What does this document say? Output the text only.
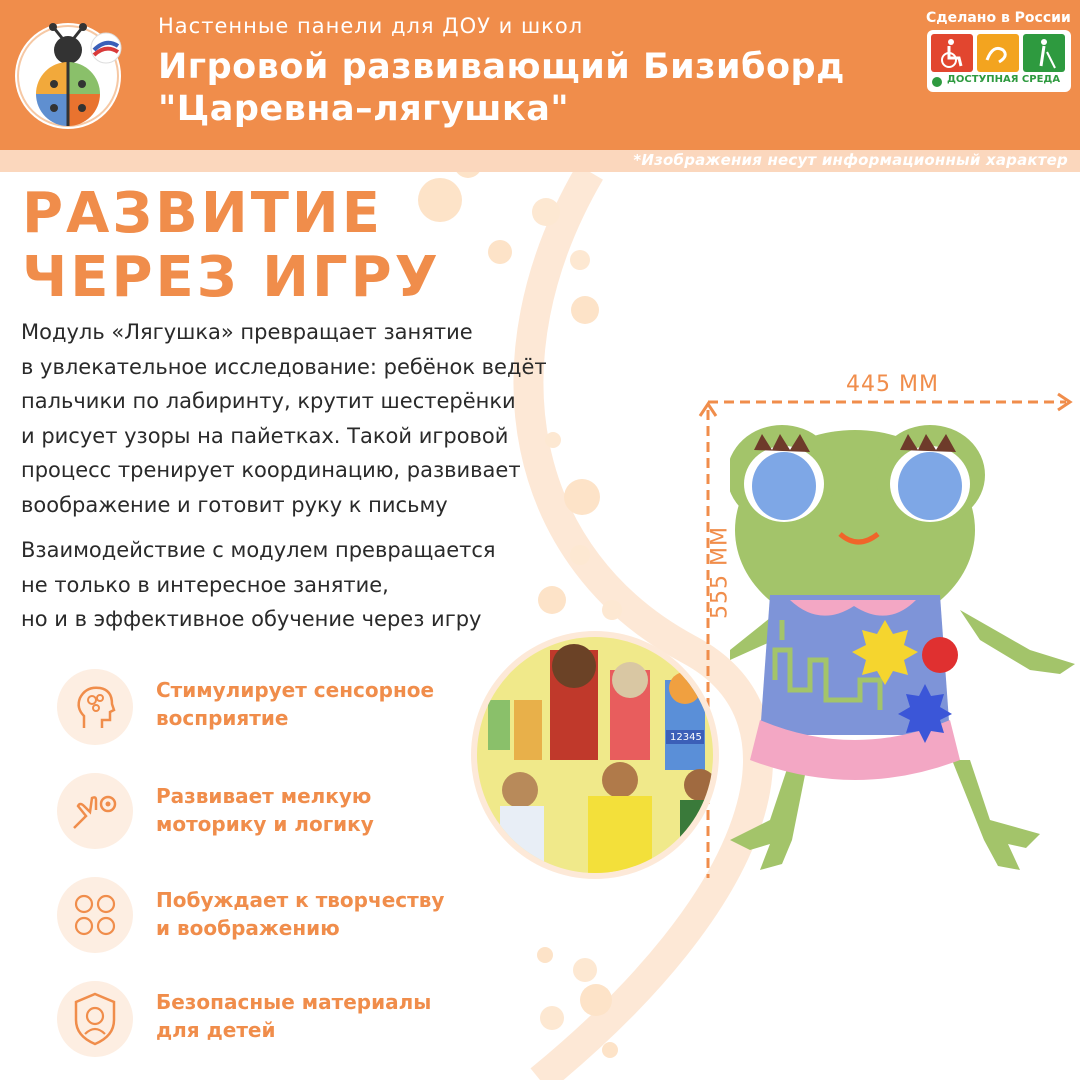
*Изображения несут информационный характер
Настенные панели для ДОУ и школ
Игровой развивающий Бизиборд
"Царевна–лягушка"
Сделано в России
ДОСТУПНАЯ СРЕДА
РАЗВИТИЕ
ЧЕРЕЗ ИГРУ
Модуль «Лягушка» превращает занятие
в увлекательное исследование: ребёнок ведёт
пальчики по лабиринту, крутит шестерёнки
и рисует узоры на пайетках. Такой игровой
процесс тренирует координацию, развивает
воображение и готовит руку к письму
Взаимодействие с модулем превращается
не только в интересное занятие,
но и в эффективное обучение через игру
Стимулирует сенсорное
восприятие
Развивает мелкую
моторику и логику
Побуждает к творчеству
и воображению
Безопасные материалы
для детей
445 ММ
555 ММ
12345
